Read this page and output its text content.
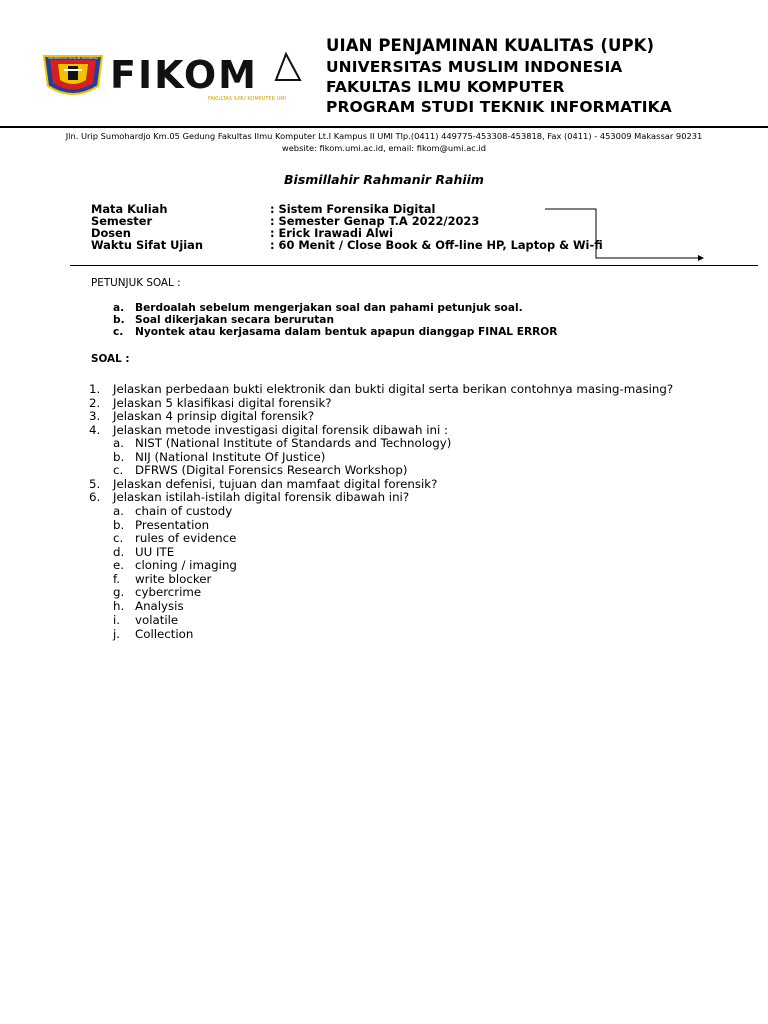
UNIVERSITAS MUSLIM INDONESIA FIKOM
FAKULTAS ILMU KOMPUTER UMI
UIAN PENJAMINAN KUALITAS (UPK)
UNIVERSITAS MUSLIM INDONESIA
FAKULTAS ILMU KOMPUTER
PROGRAM STUDI TEKNIK INFORMATIKA
Jln. Urip Sumohardjo Km.05 Gedung Fakultas Ilmu Komputer Lt.I Kampus II UMI Tlp.(0411) 449775-453308-453818, Fax (0411) - 453009 Makassar 90231
website: fikom.umi.ac.id, email: fikom@umi.ac.id
Bismillahir Rahmanir Rahiim
Mata Kuliah	: Sistem Forensika Digital
Semester	: Semester Genap T.A 2022/2023
Dosen	: Erick Irawadi Alwi
Waktu Sifat Ujian	: 60 Menit / Close Book & Off-line HP, Laptop & Wi-fi
PETUNJUK SOAL :
a. Berdoalah sebelum mengerjakan soal dan pahami petunjuk soal.
b. Soal dikerjakan secara berurutan
c. Nyontek atau kerjasama dalam bentuk apapun dianggap FINAL ERROR
SOAL :
1. Jelaskan perbedaan bukti elektronik dan bukti digital serta berikan contohnya masing-masing?
2. Jelaskan 5 klasifikasi digital forensik?
3. Jelaskan 4 prinsip digital forensik?
4. Jelaskan metode investigasi digital forensik dibawah ini :
a. NIST (National Institute of Standards and Technology)
b. NIJ (National Institute Of Justice)
c. DFRWS (Digital Forensics Research Workshop)
5. Jelaskan defenisi, tujuan dan mamfaat digital forensik?
6. Jelaskan istilah-istilah digital forensik dibawah ini?
a. chain of custody
b. Presentation
c. rules of evidence
d. UU ITE
e. cloning / imaging
f. write blocker
g. cybercrime
h. Analysis
i. volatile
j. Collection
